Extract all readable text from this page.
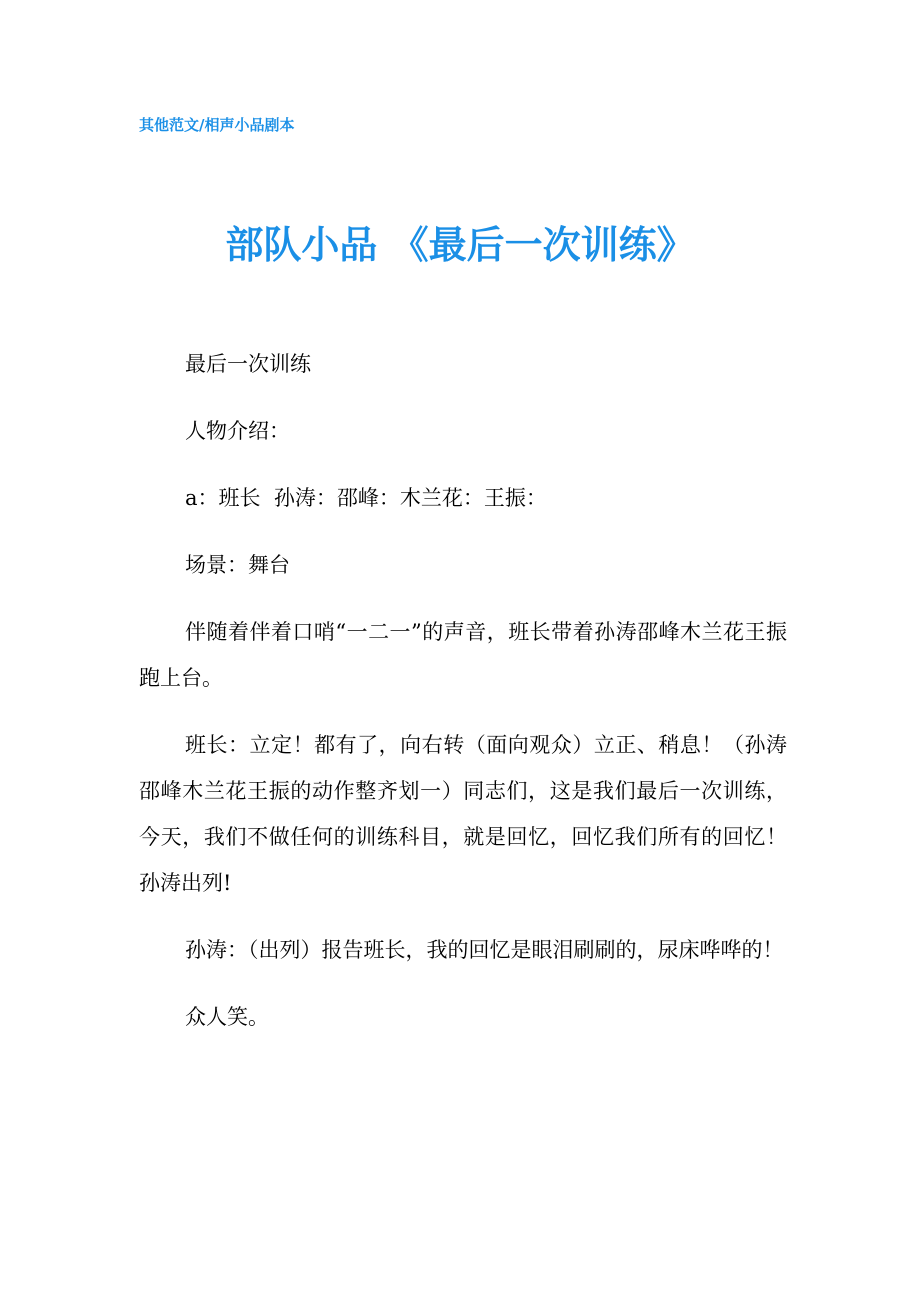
其他范文/相声小品剧本
部队小品 《最后一次训练》

最后一次训练

人物介绍：

a：班长  孙涛：邵峰：木兰花：王振：

场景：舞台

伴随着伴着口哨“一二一”的声音，班长带着孙涛邵峰木兰花王振跑上台。

班长：立定！都有了，向右转（面向观众）立正、稍息！（孙涛邵峰木兰花王振的动作整齐划一）同志们，这是我们最后一次训练，今天，我们不做任何的训练科目，就是回忆，回忆我们所有的回忆！孙涛出列!

孙涛：（出列）报告班长，我的回忆是眼泪刷刷的，尿床哗哗的！

众人笑。
